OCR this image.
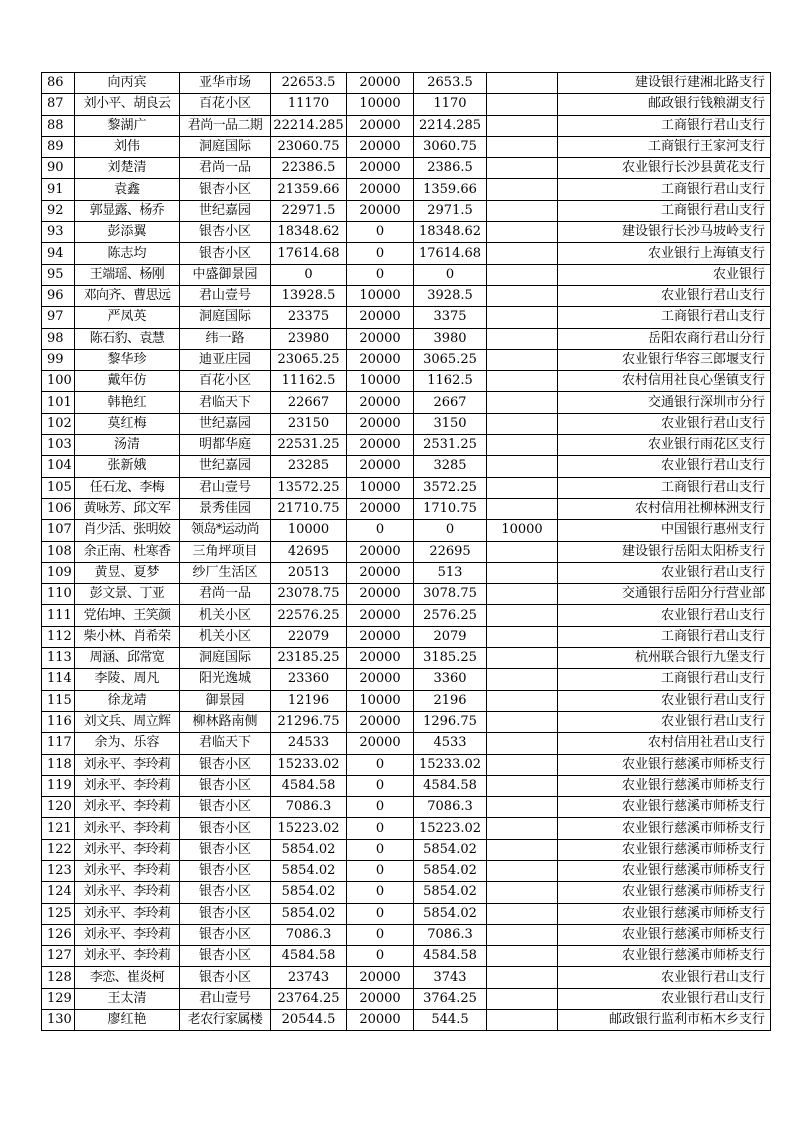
86	向丙宾	亚华市场	22653.5	20000	2653.5		建设银行建湘北路支行
87	刘小平、胡良云	百花小区	11170	10000	1170		邮政银行钱粮湖支行
88	黎湖广	君尚一品二期	22214.285	20000	2214.285		工商银行君山支行
89	刘伟	洞庭国际	23060.75	20000	3060.75		工商银行王家河支行
90	刘楚清	君尚一品	22386.5	20000	2386.5		农业银行长沙县黄花支行
91	袁鑫	银杏小区	21359.66	20000	1359.66		工商银行君山支行
92	郭显露、杨乔	世纪嘉园	22971.5	20000	2971.5		工商银行君山支行
93	彭添翼	银杏小区	18348.62	0	18348.62		建设银行长沙马坡岭支行
94	陈志均	银杏小区	17614.68	0	17614.68		农业银行上海镇支行
95	王端瑶、杨刚	中盛御景园	0	0	0		农业银行
96	邓向齐、曹思远	君山壹号	13928.5	10000	3928.5		农业银行君山支行
97	严凤英	洞庭国际	23375	20000	3375		工商银行君山支行
98	陈石豹、袁慧	纬一路	23980	20000	3980		岳阳农商行君山分行
99	黎华珍	迪亚庄园	23065.25	20000	3065.25		农业银行华容三郎堰支行
100	戴年仿	百花小区	11162.5	10000	1162.5		农村信用社良心堡镇支行
101	韩艳红	君临天下	22667	20000	2667		交通银行深圳市分行
102	莫红梅	世纪嘉园	23150	20000	3150		农业银行君山支行
103	汤清	明都华庭	22531.25	20000	2531.25		农业银行雨花区支行
104	张新娥	世纪嘉园	23285	20000	3285		农业银行君山支行
105	任石龙、李梅	君山壹号	13572.25	10000	3572.25		工商银行君山支行
106	黄咏芳、邱文军	景秀佳园	21710.75	20000	1710.75		农村信用社柳林洲支行
107	肖少活、张明姣	领岛*运动尚	10000	0	0	10000	中国银行惠州支行
108	余正南、杜寒香	三角坪项目	42695	20000	22695		建设银行岳阳太阳桥支行
109	黄昱、夏梦	纱厂生活区	20513	20000	513		农业银行君山支行
110	彭文景、丁亚	君尚一品	23078.75	20000	3078.75		交通银行岳阳分行营业部
111	党佑坤、王笑颜	机关小区	22576.25	20000	2576.25		农业银行君山支行
112	柴小林、肖希荣	机关小区	22079	20000	2079		工商银行君山支行
113	周涵、邱常宽	洞庭国际	23185.25	20000	3185.25		杭州联合银行九堡支行
114	李陵、周凡	阳光逸城	23360	20000	3360		工商银行君山支行
115	徐龙靖	御景园	12196	10000	2196		农业银行君山支行
116	刘文兵、周立辉	柳林路南侧	21296.75	20000	1296.75		农业银行君山支行
117	余为、乐容	君临天下	24533	20000	4533		农村信用社君山支行
118	刘永平、李玲莉	银杏小区	15233.02	0	15233.02		农业银行慈溪市师桥支行
119	刘永平、李玲莉	银杏小区	4584.58	0	4584.58		农业银行慈溪市师桥支行
120	刘永平、李玲莉	银杏小区	7086.3	0	7086.3		农业银行慈溪市师桥支行
121	刘永平、李玲莉	银杏小区	15223.02	0	15223.02		农业银行慈溪市师桥支行
122	刘永平、李玲莉	银杏小区	5854.02	0	5854.02		农业银行慈溪市师桥支行
123	刘永平、李玲莉	银杏小区	5854.02	0	5854.02		农业银行慈溪市师桥支行
124	刘永平、李玲莉	银杏小区	5854.02	0	5854.02		农业银行慈溪市师桥支行
125	刘永平、李玲莉	银杏小区	5854.02	0	5854.02		农业银行慈溪市师桥支行
126	刘永平、李玲莉	银杏小区	7086.3	0	7086.3		农业银行慈溪市师桥支行
127	刘永平、李玲莉	银杏小区	4584.58	0	4584.58		农业银行慈溪市师桥支行
128	李恋、崔炎柯	银杏小区	23743	20000	3743		农业银行君山支行
129	王太清	君山壹号	23764.25	20000	3764.25		农业银行君山支行
130	廖红艳	老农行家属楼	20544.5	20000	544.5		邮政银行监利市柘木乡支行
